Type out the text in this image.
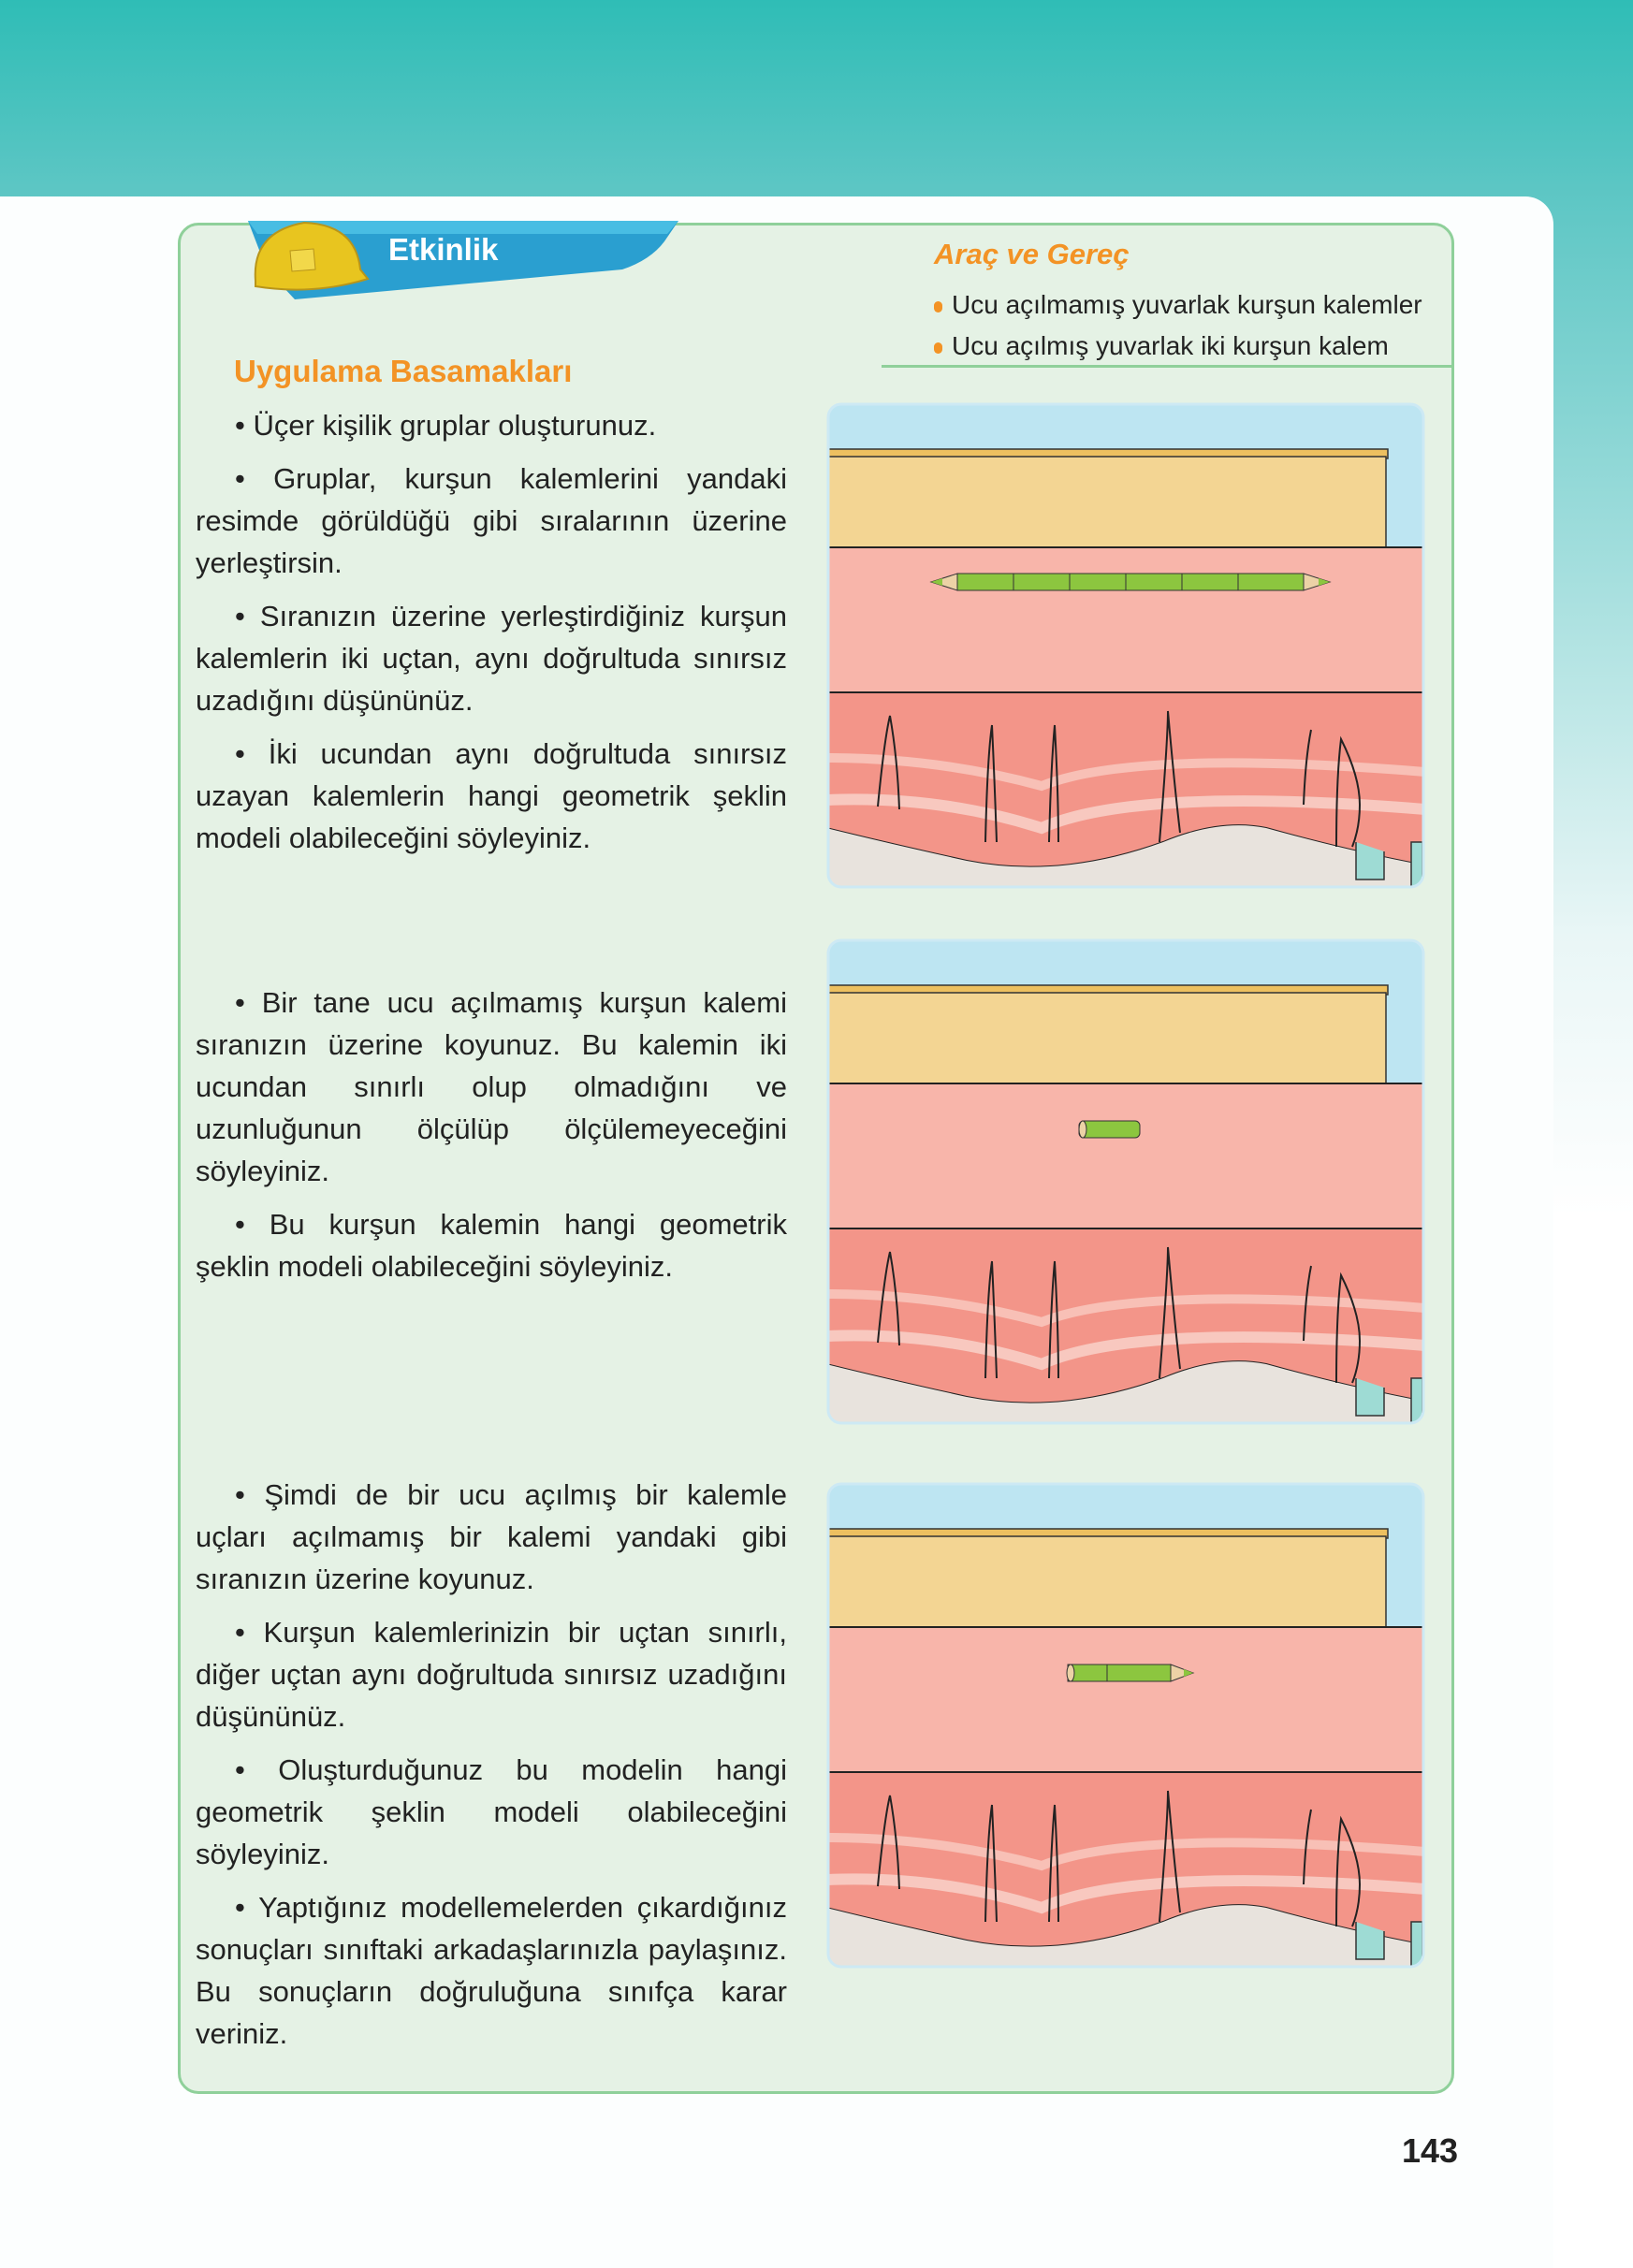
Etkinlik	Araç ve Gereç
Ucu açılmamış yuvarlak kurşun kalemler
Ucu açılmış yuvarlak iki kurşun kalem
Uygulama Basamakları

• Üçer kişilik gruplar oluşturunuz.

• Gruplar, kurşun kalemlerini yandaki resimde görüldüğü gibi sıralarının üzerine yerleştirsin.

• Sıranızın üzerine yerleştirdiğiniz kurşun kalemlerin iki uçtan, aynı doğrultuda sınırsız uzadığını düşününüz.

• İki ucundan aynı doğrultuda sınırsız uzayan kalemlerin hangi geometrik şeklin modeli olabileceğini söyleyiniz.

• Bir tane ucu açılmamış kurşun kalemi sıranızın üzerine koyunuz. Bu kalemin iki ucundan sınırlı olup olmadığını ve uzunluğunun ölçülüp ölçülemeyeceğini söyleyiniz.

• Bu kurşun kalemin hangi geometrik şeklin modeli olabileceğini söyleyiniz.

• Şimdi de bir ucu açılmış bir kalemle uçları açılmamış bir kalemi yandaki gibi sıranızın üzerine koyunuz.

• Kurşun kalemlerinizin bir uçtan sınırlı, diğer uçtan aynı doğrultuda sınırsız uzadığını düşününüz.

• Oluşturduğunuz bu modelin hangi geometrik şeklin modeli olabileceğini söyleyiniz.

• Yaptığınız modellemelerden çıkardığınız sonuçları sınıftaki arkadaşlarınızla paylaşınız. Bu sonuçların doğruluğuna sınıfça karar veriniz.

143
